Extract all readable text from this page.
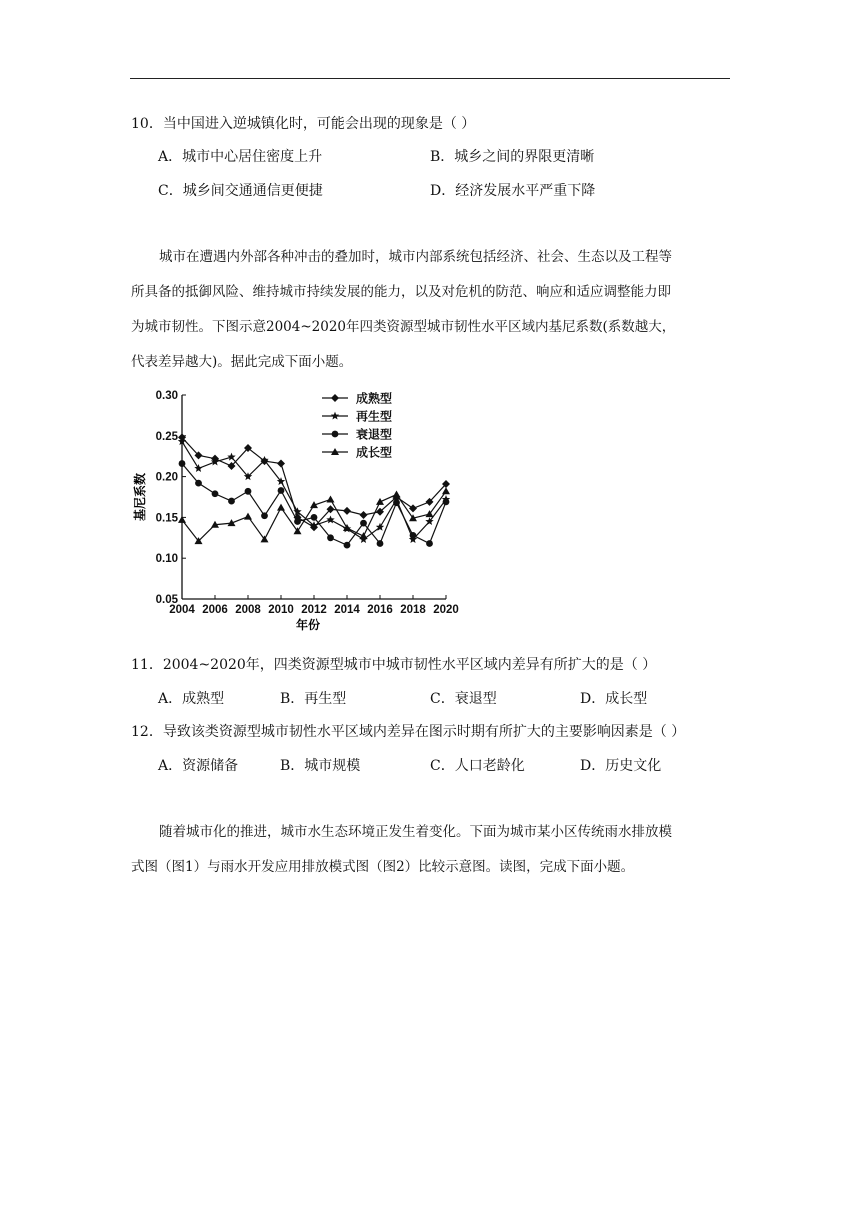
10．当中国进入逆城镇化时，可能会出现的现象是（ ）
A．城市中心居住密度上升	B．城乡之间的界限更清晰
C．城乡间交通通信更便捷	D．经济发展水平严重下降

城市在遭遇内外部各种冲击的叠加时，城市内部系统包括经济、社会、生态以及工程等

所具备的抵御风险、维持城市持续发展的能力，以及对危机的防范、响应和适应调整能力即

为城市韧性。下图示意2004~2020年四类资源型城市韧性水平区域内基尼系数(系数越大，

代表差异越大)。据此完成下面小题。

0.05
0.10
0.15
0.20
0.25
0.30
2004 2006 2008 2010 2012 2014 2016 2018 2020
成熟型
再生型
衰退型
成长型
基尼系数
年份
11．2004~2020年，四类资源型城市中城市韧性水平区域内差异有所扩大的是（ ）
A．成熟型	B．再生型	C．衰退型	D．成长型
12．导致该类资源型城市韧性水平区域内差异在图示时期有所扩大的主要影响因素是（ ）
A．资源储备	B．城市规模	C．人口老龄化	D．历史文化

随着城市化的推进，城市水生态环境正发生着变化。下面为城市某小区传统雨水排放模

式图（图1）与雨水开发应用排放模式图（图2）比较示意图。读图，完成下面小题。
